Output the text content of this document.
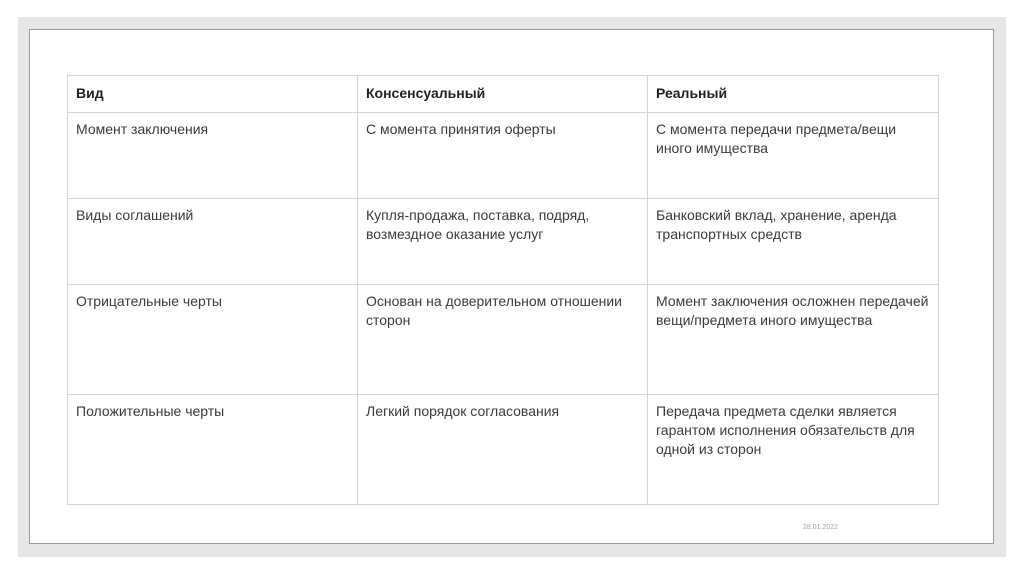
Вид	Консенсуальный	Реальный
Момент заключения	С момента принятия оферты	С момента передачи предмета/вещи иного имущества
Виды соглашений	Купля-продажа, поставка, подряд, возмездное оказание услуг	Банковский вклад, хранение, аренда транспортных средств
Отрицательные черты	Основан на доверительном отношении сторон	Момент заключения осложнен передачей вещи/предмета иного имущества
Положительные черты	Легкий порядок согласования	Передача предмета сделки является гарантом исполнения обязательств для одной из сторон
28.01.2022
